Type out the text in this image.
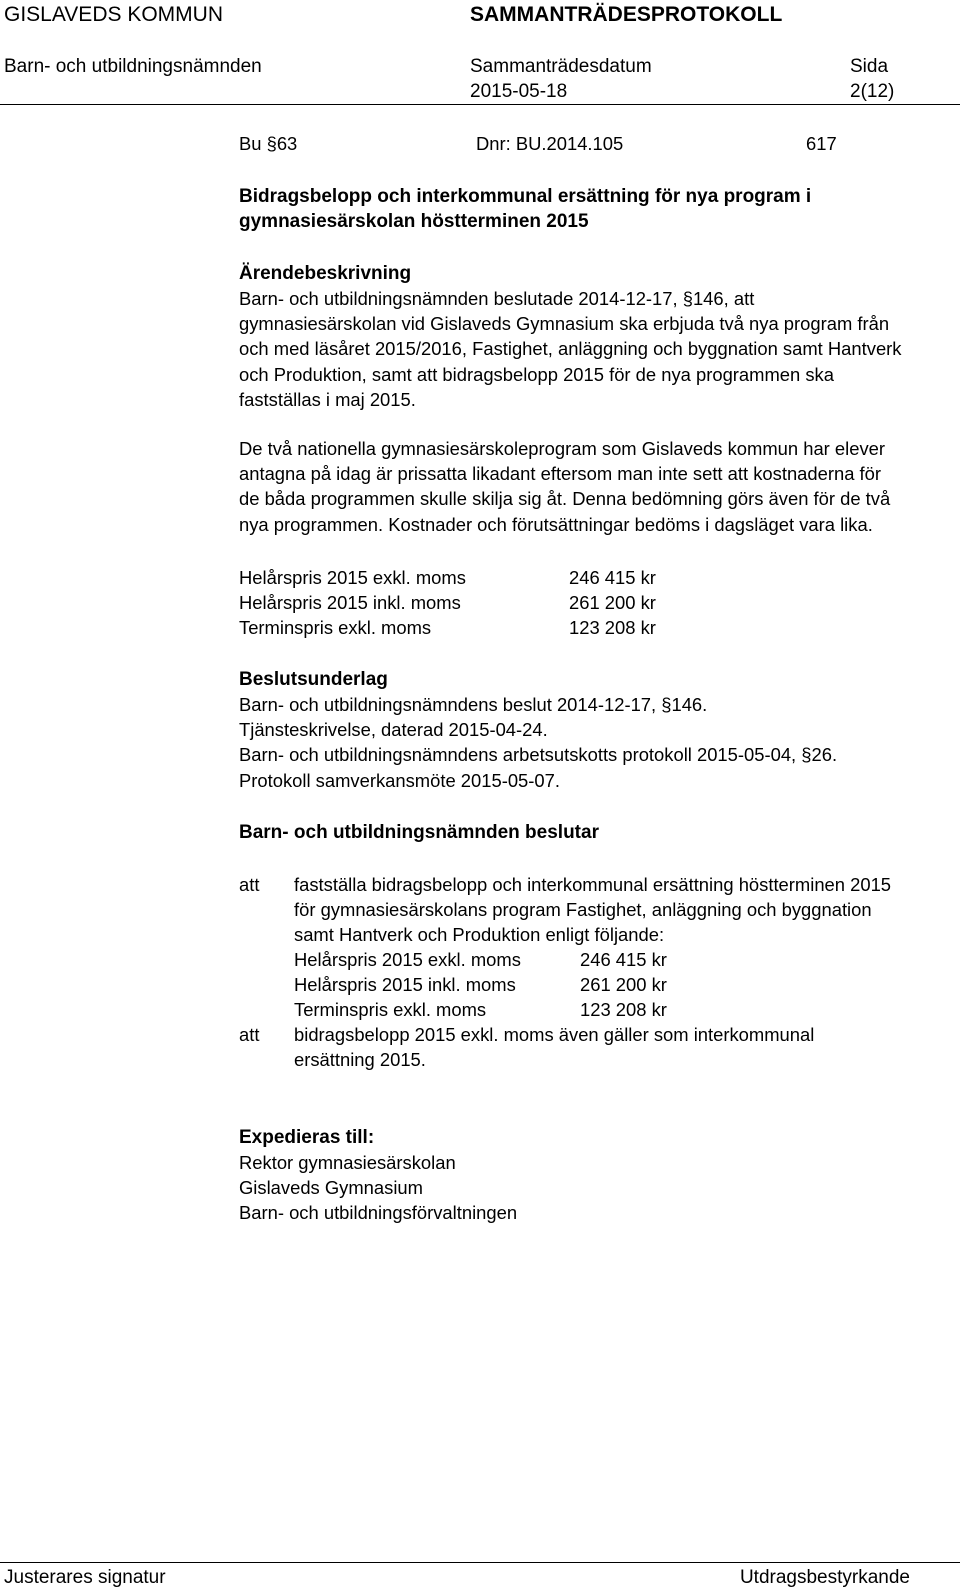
GISLAVEDS KOMMUN	SAMMANTRÄDESPROTOKOLL
Barn- och utbildningsnämnden	Sammanträdesdatum
2015-05-18
Sida
2(12)
Bu §63	Dnr: BU.2014.105	617
Bidragsbelopp och interkommunal ersättning för nya program i
gymnasiesärskolan höstterminen 2015
Ärendebeskrivning
Barn- och utbildningsnämnden beslutade 2014-12-17, §146, att
gymnasiesärskolan vid Gislaveds Gymnasium ska erbjuda två nya program från
och med läsåret 2015/2016, Fastighet, anläggning och byggnation samt Hantverk
och Produktion, samt att bidragsbelopp 2015 för de nya programmen ska
fastställas i maj 2015.
De två nationella gymnasiesärskoleprogram som Gislaveds kommun har elever
antagna på idag är prissatta likadant eftersom man inte sett att kostnaderna för
de båda programmen skulle skilja sig åt. Denna bedömning görs även för de två
nya programmen. Kostnader och förutsättningar bedöms i dagsläget vara lika.
Helårspris 2015 exkl. moms	246 415 kr
Helårspris 2015 inkl. moms	261 200 kr
Terminspris exkl. moms	123 208 kr
Beslutsunderlag
Barn- och utbildningsnämndens beslut 2014-12-17, §146.
Tjänsteskrivelse, daterad 2015-04-24.
Barn- och utbildningsnämndens arbetsutskotts protokoll 2015-05-04, §26.
Protokoll samverkansmöte 2015-05-07.
Barn- och utbildningsnämnden beslutar
att fastställa bidragsbelopp och interkommunal ersättning höstterminen 2015
för gymnasiesärskolans program Fastighet, anläggning och byggnation
samt Hantverk och Produktion enligt följande:
Helårspris 2015 exkl. moms	246 415 kr
Helårspris 2015 inkl. moms	261 200 kr
Terminspris exkl. moms	123 208 kr
att bidragsbelopp 2015 exkl. moms även gäller som interkommunal
ersättning 2015.
Expedieras till:
Rektor gymnasiesärskolan
Gislaveds Gymnasium
Barn- och utbildningsförvaltningen
Justerares signatur	Utdragsbestyrkande
